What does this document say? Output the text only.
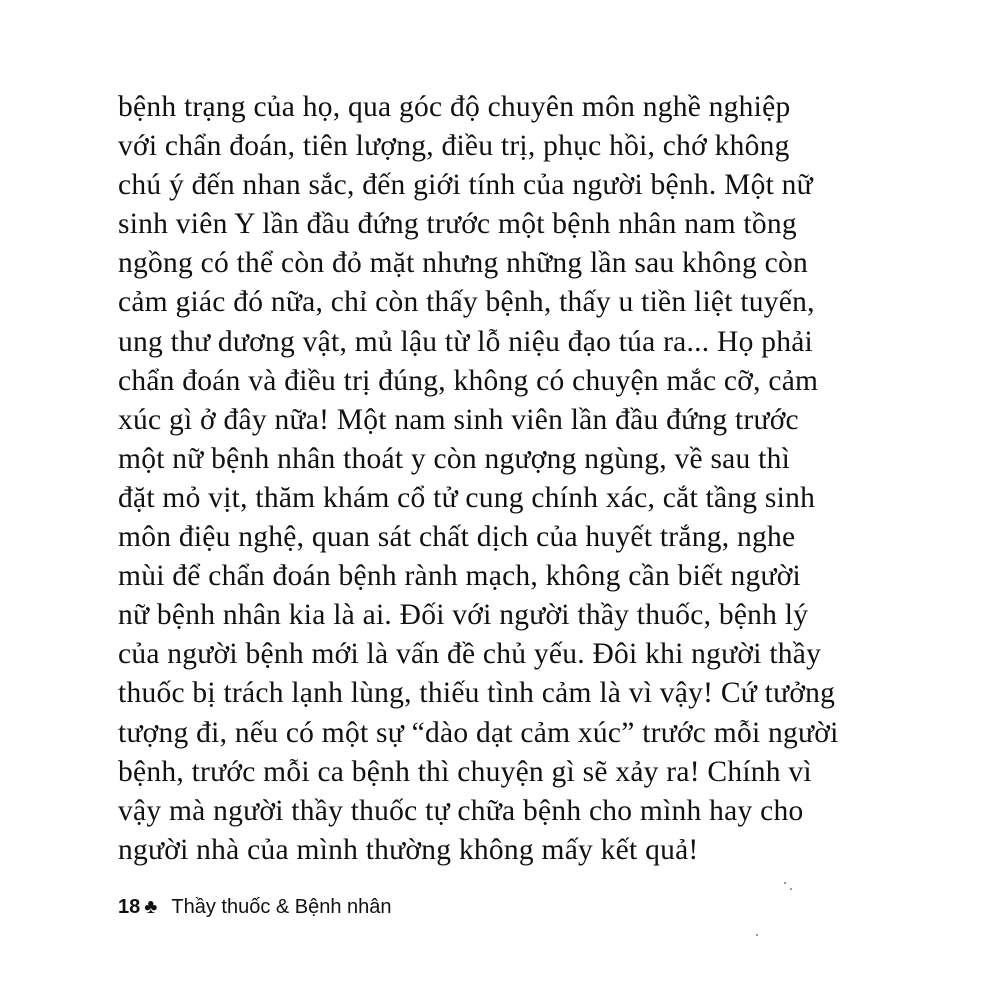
bệnh trạng của họ, qua góc độ chuyên môn nghề nghiệp
với chẩn đoán, tiên lượng, điều trị, phục hồi, chớ không
chú ý đến nhan sắc, đến giới tính của người bệnh. Một nữ
sinh viên Y lần đầu đứng trước một bệnh nhân nam tồng
ngồng có thể còn đỏ mặt nhưng những lần sau không còn
cảm giác đó nữa, chỉ còn thấy bệnh, thấy u tiền liệt tuyến,
ung thư dương vật, mủ lậu từ lỗ niệu đạo túa ra... Họ phải
chẩn đoán và điều trị đúng, không có chuyện mắc cỡ, cảm
xúc gì ở đây nữa! Một nam sinh viên lần đầu đứng trước
một nữ bệnh nhân thoát y còn ngượng ngùng, về sau thì
đặt mỏ vịt, thăm khám cổ tử cung chính xác, cắt tầng sinh
môn điệu nghệ, quan sát chất dịch của huyết trắng, nghe
mùi để chẩn đoán bệnh rành mạch, không cần biết người
nữ bệnh nhân kia là ai. Đối với người thầy thuốc, bệnh lý
của người bệnh mới là vấn đề chủ yếu. Đôi khi người thầy
thuốc bị trách lạnh lùng, thiếu tình cảm là vì vậy! Cứ tưởng
tượng đi, nếu có một sự “dào dạt cảm xúc” trước mỗi người
bệnh, trước mỗi ca bệnh thì chuyện gì sẽ xảy ra! Chính vì
vậy mà người thầy thuốc tự chữa bệnh cho mình hay cho
người nhà của mình thường không mấy kết quả!
18 ♣ Thầy thuốc & Bệnh nhân
